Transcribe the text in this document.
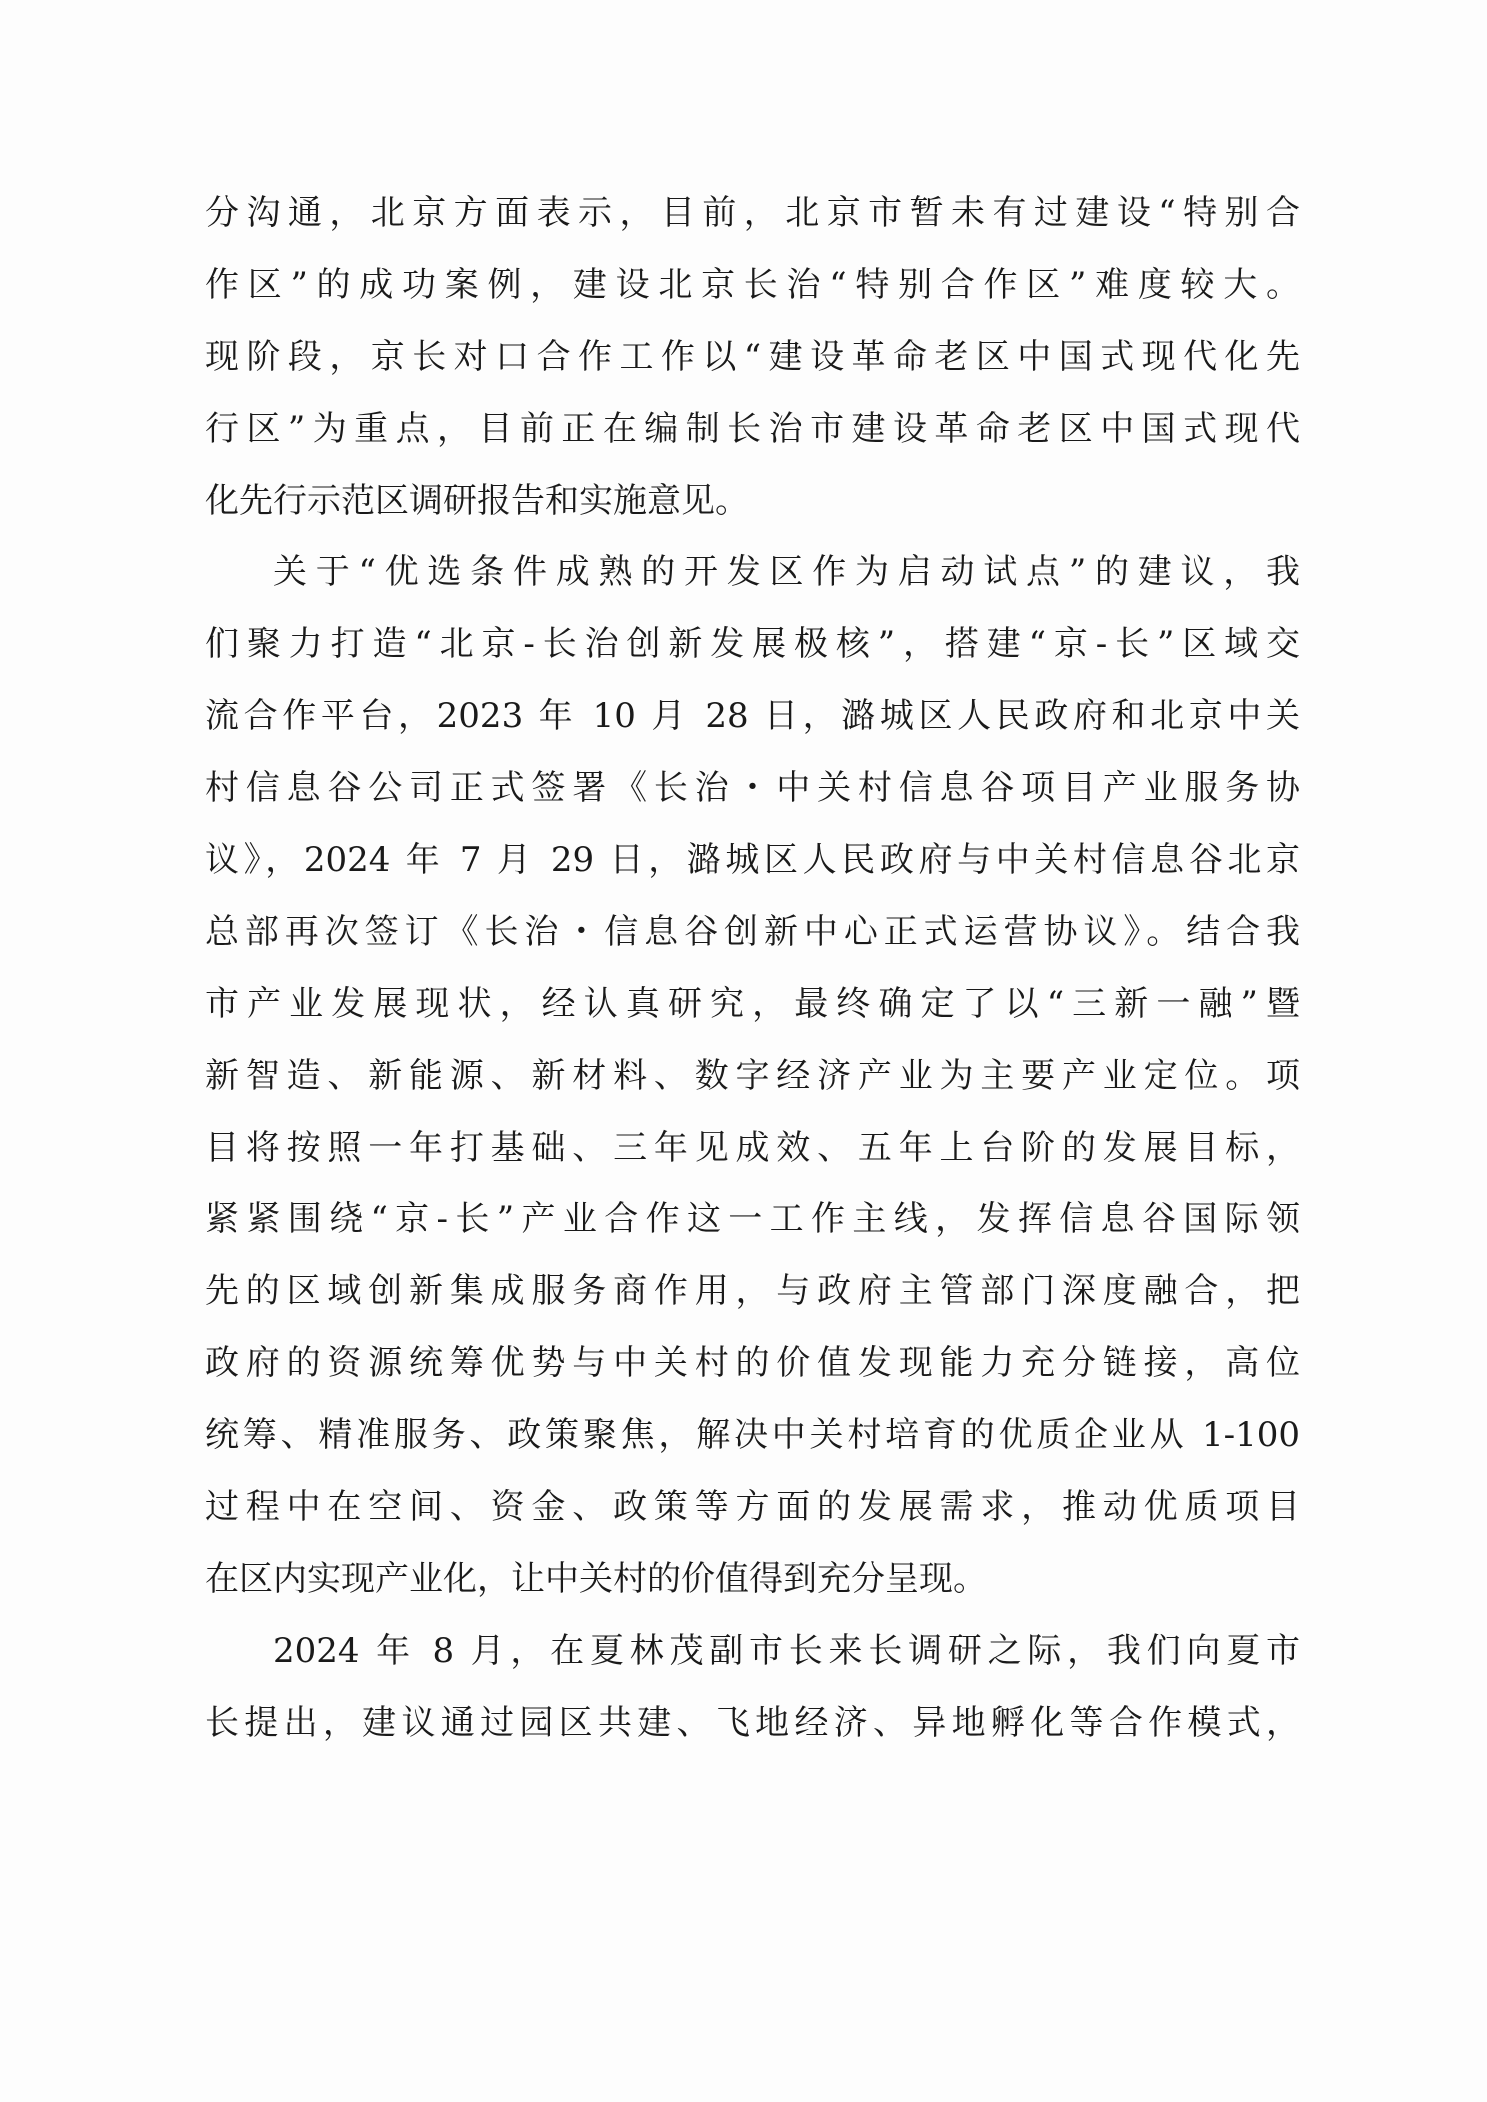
分沟通，北京方面表示，目前，北京市暂未有过建设“特别合
作区”的成功案例，建设北京长治“特别合作区”难度较大。
现阶段，京长对口合作工作以“建设革命老区中国式现代化先
行区”为重点，目前正在编制长治市建设革命老区中国式现代
化先行示范区调研报告和实施意见。
关于“优选条件成熟的开发区作为启动试点”的建议，我
们聚力打造“北京-长治创新发展极核”，搭建“京-长”区域交
流合作平台，2023 年 10 月 28 日，潞城区人民政府和北京中关
村信息谷公司正式签署《长治・中关村信息谷项目产业服务协
议》，2024 年 7 月 29 日，潞城区人民政府与中关村信息谷北京
总部再次签订《长治・信息谷创新中心正式运营协议》。结合我
市产业发展现状，经认真研究，最终确定了以“三新一融”暨
新智造、新能源、新材料、数字经济产业为主要产业定位。项
目将按照一年打基础、三年见成效、五年上台阶的发展目标，
紧紧围绕“京-长”产业合作这一工作主线，发挥信息谷国际领
先的区域创新集成服务商作用，与政府主管部门深度融合，把
政府的资源统筹优势与中关村的价值发现能力充分链接，高位
统筹、精准服务、政策聚焦，解决中关村培育的优质企业从 1-100
过程中在空间、资金、政策等方面的发展需求，推动优质项目
在区内实现产业化，让中关村的价值得到充分呈现。
2024 年 8 月，在夏林茂副市长来长调研之际，我们向夏市
长提出，建议通过园区共建、飞地经济、异地孵化等合作模式，
